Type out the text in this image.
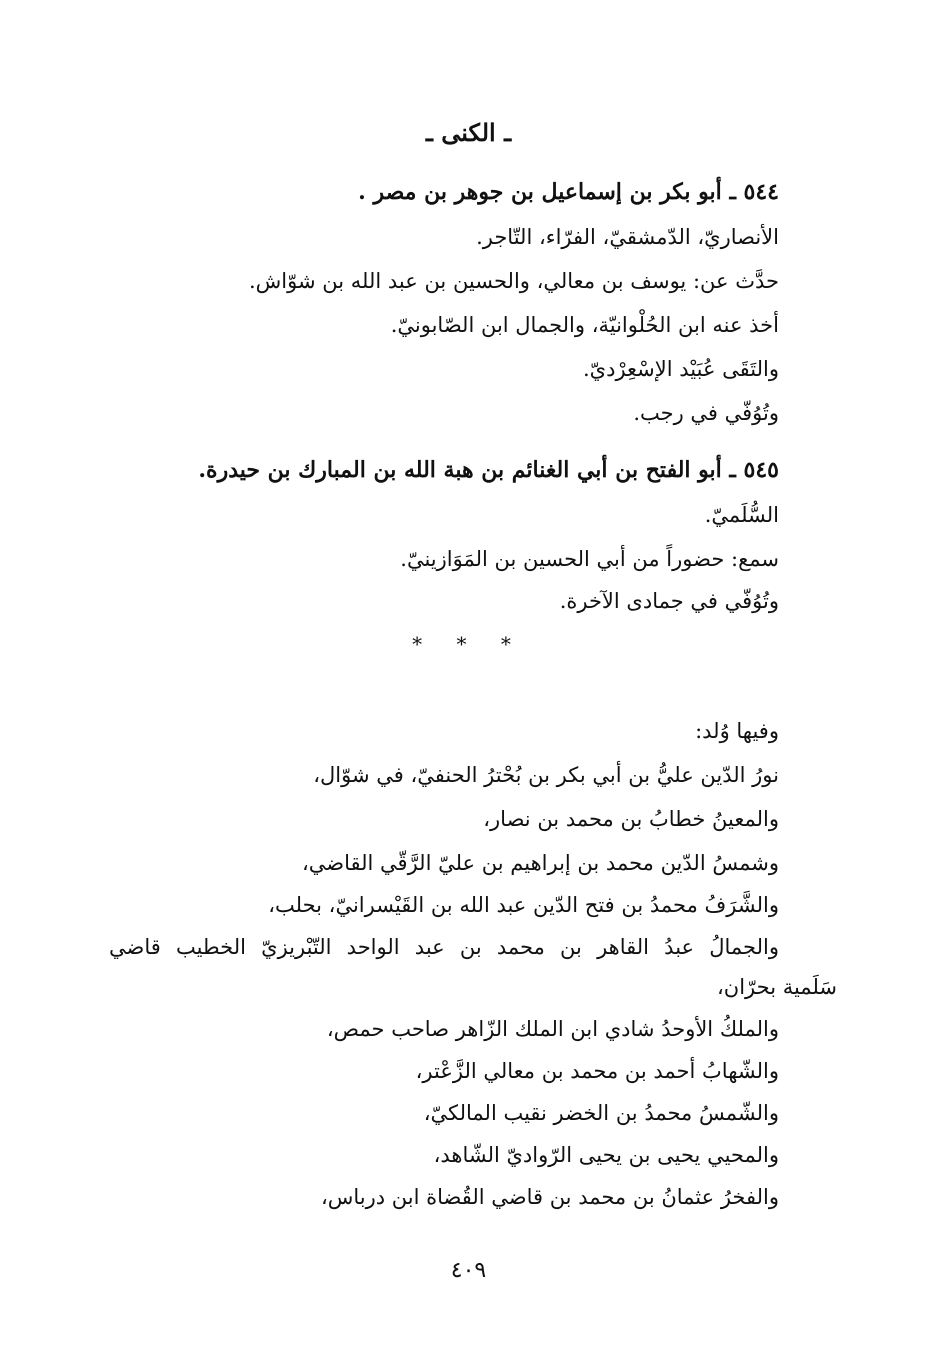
ـ الكنى ـ
٥٤٤ ـ أبو بكر بن إسماعيل بن جوهر بن مصر .
الأنصاريّ، الدّمشقيّ، الفرّاء، التّاجر.
حدَّث عن: يوسف بن معالي، والحسين بن عبد الله بن شوّاش.
أخذ عنه ابن الحُلْوانيّة، والجمال ابن الصّابونيّ.
والتَقَى عُبَيْد الإسْعِرْديّ.
وتُوُفّي في رجب.
٥٤٥ ـ أبو الفتح بن أبي الغنائم بن هبة الله بن المبارك بن حيدرة.
السُّلَميّ.
سمع: حضوراً من أبي الحسين بن المَوَازينيّ.
وتُوُفّي في جمادى الآخرة.
* * *
وفيها وُلد:
نورُ الدّين عليُّ بن أبي بكر بن بُحْترُ الحنفيّ، في شوّال،
والمعينُ خطابُ بن محمد بن نصار،
وشمسُ الدّين محمد بن إبراهيم بن عليّ الرَّقّي القاضي،
والشَّرَفُ محمدُ بن فتح الدّين عبد الله بن القَيْسرانيّ، بحلب،
والجمالُ عبدُ القاهر بن محمد بن عبد الواحد التّبْريزيّ الخطيب قاضي
سَلَمية بحرّان،
والملكُ الأوحدُ شادي ابن الملك الزّاهر صاحب حمص،
والشّهابُ أحمد بن محمد بن معالي الزَّعْتر،
والشّمسُ محمدُ بن الخضر نقيب المالكيّ،
والمحيي يحيى بن يحيى الرّواديّ الشّاهد،
والفخرُ عثمانُ بن محمد بن قاضي القُضاة ابن درباس،
٤٠٩
